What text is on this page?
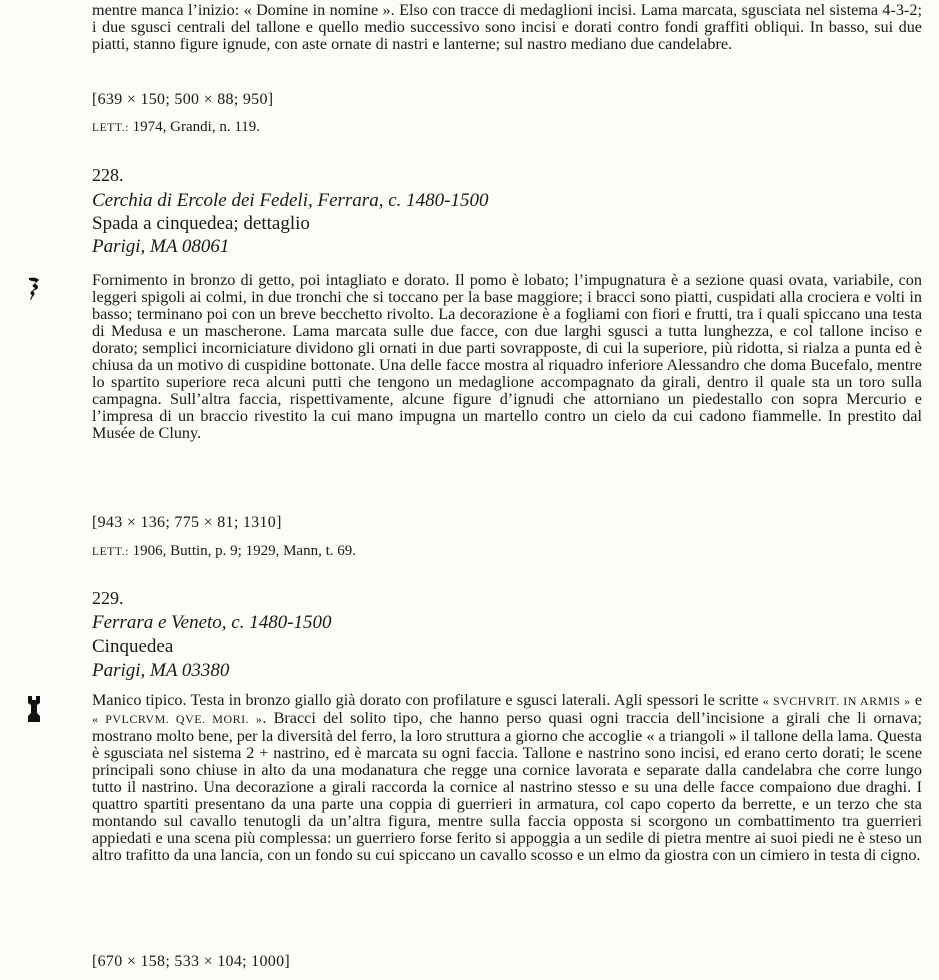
mentre manca l’inizio: « Domine in nomine ». Elso con tracce di medaglioni incisi. Lama marcata, sgusciata nel sistema 4-3-2; i due sgusci centrali del tallone e quello medio successivo sono incisi e dorati contro fondi graffiti obliqui. In basso, sui due piatti, stanno figure ignude, con aste ornate di nastri e lanterne; sul nastro mediano due candelabre.

[639 × 150; 500 × 88; 950]
LETT.: 1974, Grandi, n. 119.
228.
Cerchia di Ercole dei Fedeli, Ferrara, c. 1480-1500
Spada a cinquedea; dettaglio
Parigi, MA 08061

Fornimento in bronzo di getto, poi intagliato e dorato. Il pomo è lobato; l’impugnatura è a sezione quasi ovata, variabile, con leggeri spigoli ai colmi, in due tronchi che si toccano per la base maggiore; i bracci sono piatti, cuspidati alla crociera e volti in basso; terminano poi con un breve becchetto rivolto. La decorazione è a fogliami con fiori e frutti, tra i quali spiccano una testa di Medusa e un mascherone. Lama marcata sulle due facce, con due larghi sgusci a tutta lunghezza, e col tallone inciso e dorato; semplici incorniciature dividono gli ornati in due parti sovrapposte, di cui la superiore, più ridotta, si rialza a punta ed è chiusa da un motivo di cuspidine bottonate. Una delle facce mostra al riquadro inferiore Alessandro che doma Bucefalo, mentre lo spartito superiore reca alcuni putti che tengono un medaglione accompagnato da girali, dentro il quale sta un toro sulla campagna. Sull’altra faccia, rispettivamente, alcune figure d’ignudi che attorniano un piedestallo con sopra Mercurio e l’impresa di un braccio rivestito la cui mano impugna un martello contro un cielo da cui cadono fiammelle. In prestito dal Musée de Cluny.

[943 × 136; 775 × 81; 1310]
LETT.: 1906, Buttin, p. 9; 1929, Mann, t. 69.
229.
Ferrara e Veneto, c. 1480-1500
Cinquedea
Parigi, MA 03380

Manico tipico. Testa in bronzo giallo già dorato con profilature e sgusci laterali. Agli spessori le scritte « SVCHVRIT. IN ARMIS » e « PVLCRVM. QVE. MORI. ». Bracci del solito tipo, che hanno perso quasi ogni traccia dell’incisione a girali che li ornava; mostrano molto bene, per la diversità del ferro, la loro struttura a giorno che accoglie « a triangoli » il tallone della lama. Questa è sgusciata nel sistema 2 + nastrino, ed è marcata su ogni faccia. Tallone e nastrino sono incisi, ed erano certo dorati; le scene principali sono chiuse in alto da una modanatura che regge una cornice lavorata e separate dalla candelabra che corre lungo tutto il nastrino. Una decorazione a girali raccorda la cornice al nastrino stesso e su una delle facce compaiono due draghi. I quattro spartiti presentano da una parte una coppia di guerrieri in armatura, col capo coperto da berrette, e un terzo che sta montando sul cavallo tenutogli da un’altra figura, mentre sulla faccia opposta si scorgono un combattimento tra guerrieri appiedati e una scena più complessa: un guerriero forse ferito si appoggia a un sedile di pietra mentre ai suoi piedi ne è steso un altro trafitto da una lancia, con un fondo su cui spiccano un cavallo scosso e un elmo da giostra con un cimiero in testa di cigno.

[670 × 158; 533 × 104; 1000]
